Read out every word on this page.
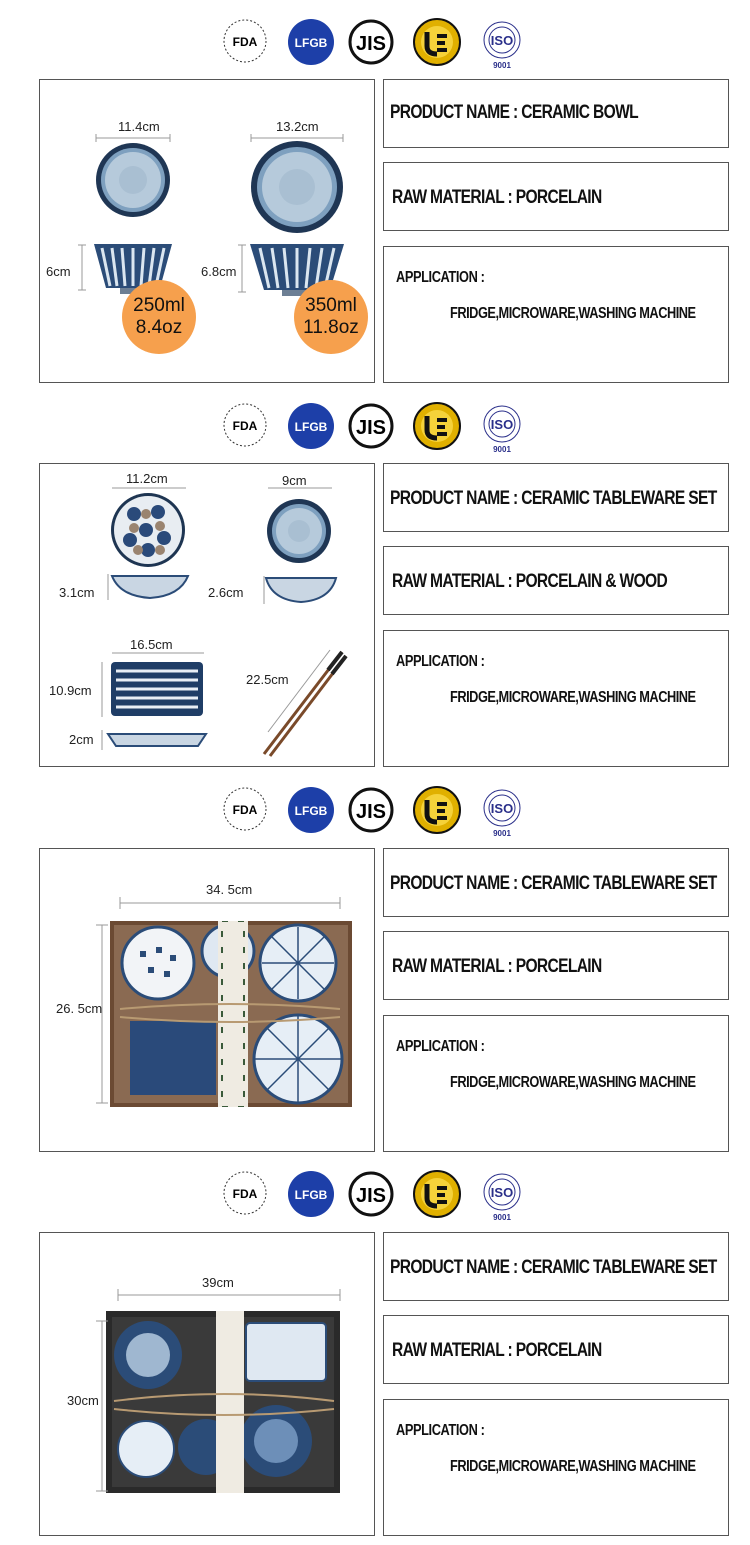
FDA	LFGB JIS	ISO
9001
11.4cm	13.2cm
6cm	6.8cm
250ml
8.4oz
350ml
11.8oz
PRODUCT NAME : CERAMIC BOWL
RAW MATERIAL : PORCELAIN
APPLICATION :
FRIDGE,MICROWARE,WASHING MACHINE
FDA	LFGB JIS	ISO
9001
11.2cm	9cm
3.1cm	2.6cm
16.5cm
10.9cm
2cm
22.5cm
PRODUCT NAME : CERAMIC TABLEWARE SET
RAW MATERIAL : PORCELAIN & WOOD
APPLICATION :
FRIDGE,MICROWARE,WASHING MACHINE
FDA	LFGB JIS	ISO
9001
34. 5cm
26. 5cm
PRODUCT NAME : CERAMIC TABLEWARE SET
RAW MATERIAL : PORCELAIN
APPLICATION :
FRIDGE,MICROWARE,WASHING MACHINE
FDA	LFGB JIS	ISO
9001
39cm
30cm
PRODUCT NAME : CERAMIC TABLEWARE SET
RAW MATERIAL : PORCELAIN
APPLICATION :
FRIDGE,MICROWARE,WASHING MACHINE
